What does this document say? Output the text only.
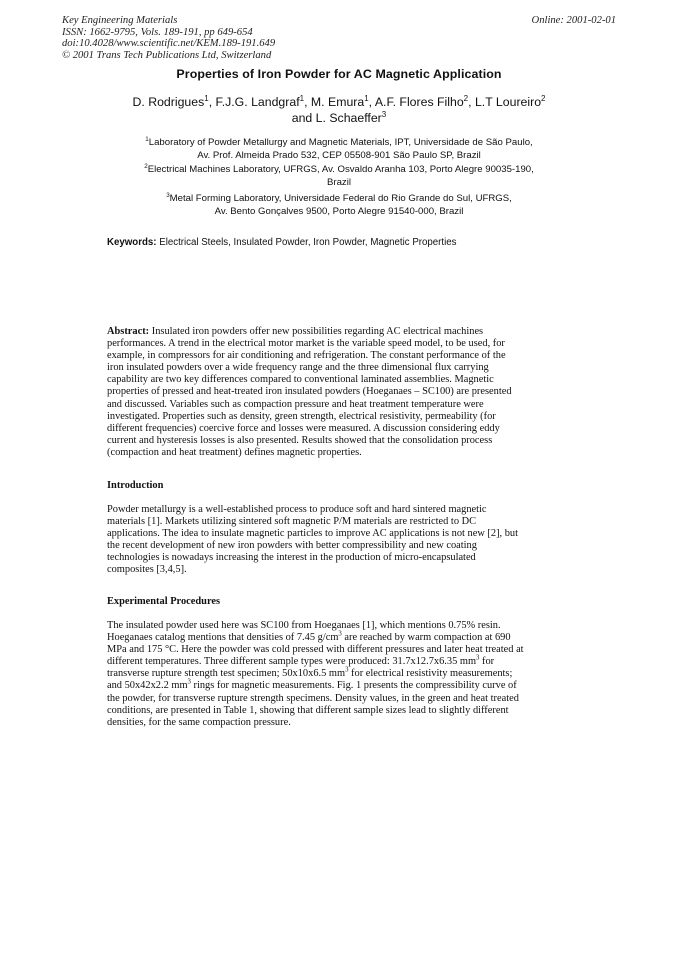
Key Engineering Materials
ISSN: 1662-9795, Vols. 189-191, pp 649-654
doi:10.4028/www.scientific.net/KEM.189-191.649
© 2001 Trans Tech Publications Ltd, Switzerland
Online: 2001-02-01
Properties of Iron Powder for AC Magnetic Application
D. Rodrigues$^1$, F.J.G. Landgraf$^1$, M. Emura$^1$, A.F. Flores Filho$^2$, L.T Loureiro$^2$
and L. Schaeffer$^3$
$^1$Laboratory of Powder Metallurgy and Magnetic Materials, IPT, Universidade de São Paulo,
Av. Prof. Almeida Prado 532, CEP 05508-901 São Paulo SP, Brazil
$^2$Electrical Machines Laboratory, UFRGS, Av. Osvaldo Aranha 103, Porto Alegre 90035-190,
Brazil
$^3$Metal Forming Laboratory, Universidade Federal do Rio Grande do Sul, UFRGS,
Av. Bento Gonçalves 9500, Porto Alegre 91540-000, Brazil
Keywords: Electrical Steels, Insulated Powder, Iron Powder, Magnetic Properties
Abstract: Insulated iron powders offer new possibilities regarding AC electrical machines
performances. A trend in the electrical motor market is the variable speed model, to be used, for
example, in compressors for air conditioning and refrigeration. The constant performance of the
iron insulated powders over a wide frequency range and the three dimensional flux carrying
capability are two key differences compared to conventional laminated assemblies. Magnetic
properties of pressed and heat-treated iron insulated powders (Hoeganaes – SC100) are presented
and discussed. Variables such as compaction pressure and heat treatment temperature were
investigated. Properties such as density, green strength, electrical resistivity, permeability (for
different frequencies) coercive force and losses were measured. A discussion considering eddy
current and hysteresis losses is also presented. Results showed that the consolidation process
(compaction and heat treatment) defines magnetic properties.
Introduction
Powder metallurgy is a well-established process to produce soft and hard sintered magnetic
materials [1]. Markets utilizing sintered soft magnetic P/M materials are restricted to DC
applications. The idea to insulate magnetic particles to improve AC applications is not new [2], but
the recent development of new iron powders with better compressibility and new coating
technologies is nowadays increasing the interest in the production of micro-encapsulated
composites [3,4,5].
Experimental Procedures
The insulated powder used here was SC100 from Hoeganaes [1], which mentions 0.75% resin.
Hoeganaes catalog mentions that densities of 7.45 $g/cm^3$ are reached by warm compaction at 690
MPa and 175 °C. Here the powder was cold pressed with different pressures and later heat treated at
different temperatures. Three different sample types were produced: 31.7x12.7x6.35 $mm^3$ for
transverse rupture strength test specimen; 50x10x6.5 $mm^3$ for electrical resistivity measurements;
and 50x42x2.2 $mm^3$ rings for magnetic measurements. Fig. 1 presents the compressibility curve of
the powder, for transverse rupture strength specimens. Density values, in the green and heat treated
conditions, are presented in Table 1, showing that different sample sizes lead to slightly different
densities, for the same compaction pressure.
